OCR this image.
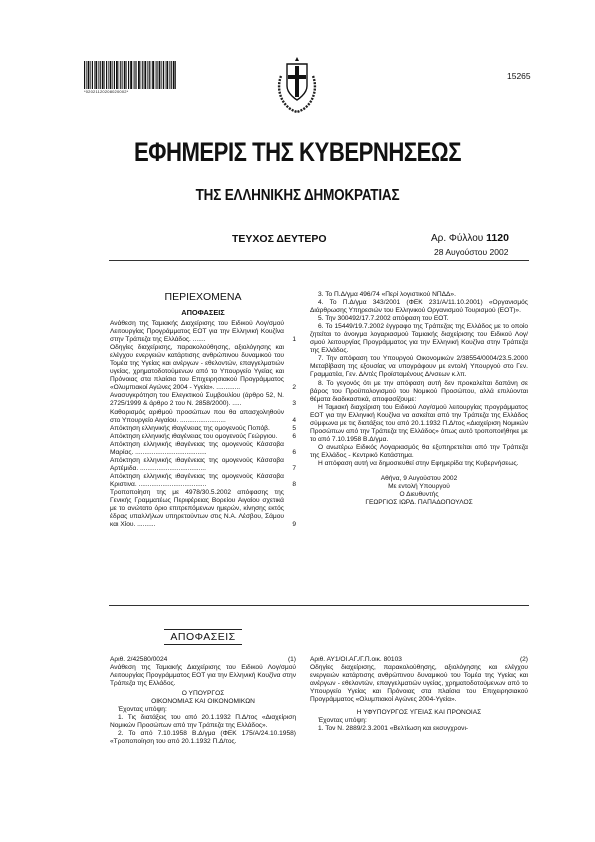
*02021120208020002*
15265
ΕΦΗΜΕΡΙΣ ΤΗΣ ΚΥΒΕΡΝΗΣΕΩΣ
ΤΗΣ ΕΛΛΗΝΙΚΗΣ ΔΗΜΟΚΡΑΤΙΑΣ
ΤΕΥΧΟΣ ΔΕΥΤΕΡΟ	Αρ. Φύλλου 1120
28 Αυγούστου 2002
ΠΕΡΙΕΧΟΜΕΝΑ
ΑΠΟΦΑΣΕΙΣ
Ανάθεση της Ταμιακής Διαχείρισης του Ειδικού Λογ/σμού Λειτουργίας Προγράμματος ΕΟΤ για την Ελληνική Κουζίνα στην Τράπεζα της Ελλάδος. .......	1
Οδηγίες διαχείρισης, παρακολούθησης, αξιολόγησης και ελέγχου ενεργειών κατάρτισης ανθρώπινου δυναμικού του Τομέα της Υγείας και ανέργων - εθελοντών, επαγγελματιών υγείας, χρηματοδοτούμενων από το Υπουργείο Υγείας και Πρόνοιας στα πλαίσια του Επιχειρησιακού Προγράμματος «Ολυμπιακοί Αγώνες 2004 - Υγεία». .............	2
Ανασυγκρότηση του Ελεγκτικού Συμβουλίου (άρθρο 52, Ν. 2725/1999 & άρθρο 2 του Ν. 2858/2000). .....	3
Καθορισμός αριθμού προσώπων που θα απασχοληθούν στο Υπουργείο Αιγαίου. .........................	4
Απόκτηση ελληνικής ιθαγένειας της ομογενούς Ποπόβ.	5
Απόκτηση ελληνικής ιθαγένειας του ομογενούς Γεώργιου.	6
Απόκτηση ελληνικής ιθαγένειας της ομογενούς Κάσσοβα Μαρίας. .......................................	6
Απόκτηση ελληνικής ιθαγένειας της ομογενούς Κάσσοβα Αρτέμιδα. ....................................	7
Απόκτηση ελληνικής ιθαγένειας της ομογενούς Κάσσοβα Κριστινα. .....................................	8
Τροποποίηση της με 4978/30.5.2002 απόφασης της Γενικής Γραμματέως Περιφέρειας Βορείου Αιγαίου σχετικά με το ανώτατο όριο επιτρεπόμενων ημερών, κίνησης εκτός έδρας υπαλλήλων υπηρετούντων στις Ν.Α. Λέσβου, Σάμου και Χίου. ..........	9
3. Το Π.Δ/γμα 496/74 «Περί λογιστικού ΝΠΔΔ».
4. Το Π.Δ/γμα 343/2001 (ΦΕΚ 231/Α/11.10.2001) «Οργανισμός Διάρθρωσης Υπηρεσιών του Ελληνικού Οργανισμού Τουρισμού (ΕΟΤ)».
5. Την 300492/17.7.2002 απόφαση του ΕΟΤ.
6. Το 15449/19.7.2002 έγγραφο της Τράπεζας της Ελλάδος με το οποίο ζητείται το άνοιγμα λογαριασμού Ταμιακής διαχείρισης του Ειδικού Λογ/σμού λειτουργίας Προγράμματος για την Ελληνική Κουζίνα στην Τράπεζα της Ελλάδος.
7. Την απόφαση του Υπουργού Οικονομικών 2/38554/0004/23.5.2000 Μεταβίβαση της εξουσίας να υπογράφουν με εντολή Υπουργού στο Γεν. Γραμματέα, Γεν. Δ/ντές Προϊσταμένους Δ/νσεων κ.λπ.
8. Το γεγονός ότι με την απόφαση αυτή δεν προκαλείται δαπάνη σε βάρος του Προϋπολογισμού του Νομικού Προσώπου, αλλά επιλύονται θέματα διαδικαστικά, αποφασίζουμε:
Η Ταμιακή διαχείριση του Ειδικού Λογ/σμού λειτουργίας προγράμματος ΕΟΤ για την Ελληνική Κουζίνα να ασκείται από την Τράπεζα της Ελλάδος σύμφωνα με τις διατάξεις του από 20.1.1932 Π.Δ/τος «Διαχείριση Νομικών Προσώπων από την Τράπεζα της Ελλάδος» όπως αυτό τροποποιήθηκε με το από 7.10.1958 Β.Δ/γμα.
Ο ανωτέρω Ειδικός Λογαριασμός θα εξυπηρετείται από την Τράπεζα της Ελλάδος - Κεντρικό Κατάστημα.
Η απόφαση αυτή να δημοσιευθεί στην Εφημερίδα της Κυβερνήσεως.
Αθήνα, 9 Αυγούστου 2002
Με εντολή Υπουργού
Ο Διευθυντής
ΓΕΩΡΓΙΟΣ ΙΩΡΔ. ΠΑΠΑΔΟΠΟΥΛΟΣ
ΑΠΟΦΑΣΕΙΣ
Αριθ. 2/42580/0024	(1)
Ανάθεση της Ταμιακής Διαχείρισης του Ειδικού Λογ/σμού Λειτουργίας Προγράμματος ΕΟΤ για την Ελληνική Κουζίνα στην Τράπεζα της Ελλάδος.
Ο ΥΠΟΥΡΓΟΣ
ΟΙΚΟΝΟΜΙΑΣ ΚΑΙ ΟΙΚΟΝΟΜΙΚΩΝ
Έχοντας υπόψη:
1. Τις διατάξεις του από 20.1.1932 Π.Δ/τος «Διαχείριση Νομικών Προσώπων από την Τράπεζα της Ελλάδος».
2. Το από 7.10.1958 Β.Δ/γμα (ΦΕΚ 175/Α/24.10.1958) «Τροποποίηση του από 20.1.1932 Π.Δ/τος.
Αριθ. ΑΥ1/ΟΙ.ΑΓ./Γ.Π.οικ. 80103	(2)
Οδηγίες διαχείρισης, παρακολούθησης, αξιολόγησης και ελέγχου ενεργειών κατάρτισης ανθρώπινου δυναμικού του Τομέα της Υγείας και ανέργων - εθελοντών, επαγγελματιών υγείας, χρηματοδοτούμενων από το Υπουργείο Υγείας και Πρόνοιας στα πλαίσια του Επιχειρησιακού Προγράμματος «Ολυμπιακοί Αγώνες 2004-Υγεία».
Η ΥΦΥΠΟΥΡΓΟΣ ΥΓΕΙΑΣ ΚΑΙ ΠΡΟΝΟΙΑΣ
Έχοντας υπόψη:
1. Τον Ν. 2889/2.3.2001 «Βελτίωση και εκσυγχρονι-
